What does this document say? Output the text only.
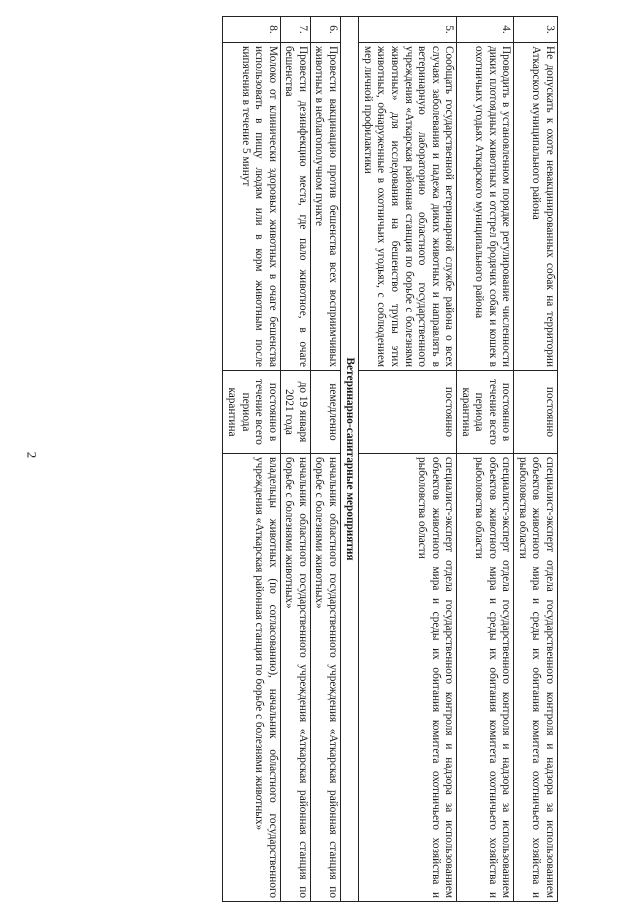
2
3.	Не допускать к охоте невакцинированных собак на территории Аткарского муниципального района	постоянно	специалист-эксперт отдела государственного контроля и надзора за использованием объектов животного мира и среды их обитания комитета охотничьего хозяйства и рыболовства области
4.	Проводить в установленном порядке регулирование численности диких плотоядных животных и отстрел бродячих собак и кошек в охотничьих угодьях Аткарского муниципального района	постоянно в течение всего периода карантина	специалист-эксперт отдела государственного контроля и надзора за использованием объектов животного мира и среды их обитания комитета охотничьего хозяйства и рыболовства области
5.	Сообщать государственной ветеринарной службе района о всех случаях заболевания и падежа диких животных и направлять в ветеринарную лабораторию областного государственного учреждения «Аткарская районная станция по борьбе с болезнями животных» для исследования на бешенство трупы этих животных, обнаруженные в охотничьих угодьях, с соблюдением мер личной профилактики	постоянно	специалист-эксперт отдела государственного контроля и надзора за использованием объектов животного мира и среды их обитания комитета охотничьего хозяйства и рыболовства области
Ветеринарно-санитарные мероприятия			
6.	Провести вакцинацию против бешенства всех восприимчивых животных в неблагополучном пункте	немедленно	начальник областного государственного учреждения «Аткарская районная станция по борьбе с болезнями животных»
7.	Провести дезинфекцию места, где пало животное, в очаге бешенства	до 19 января 2021 года	начальник областного государственного учреждения «Аткарская районная станция по борьбе с болезнями животных»
8.	Молоко от клинически здоровых животных в очаге бешенства использовать в пищу людям или в корм животным после кипячения в течение 5 минут	постоянно в течение всего периода карантина	владельцы животных (по согласованию), начальник областного государственного учреждения «Аткарская районная станция по борьбе с болезнями животных»
